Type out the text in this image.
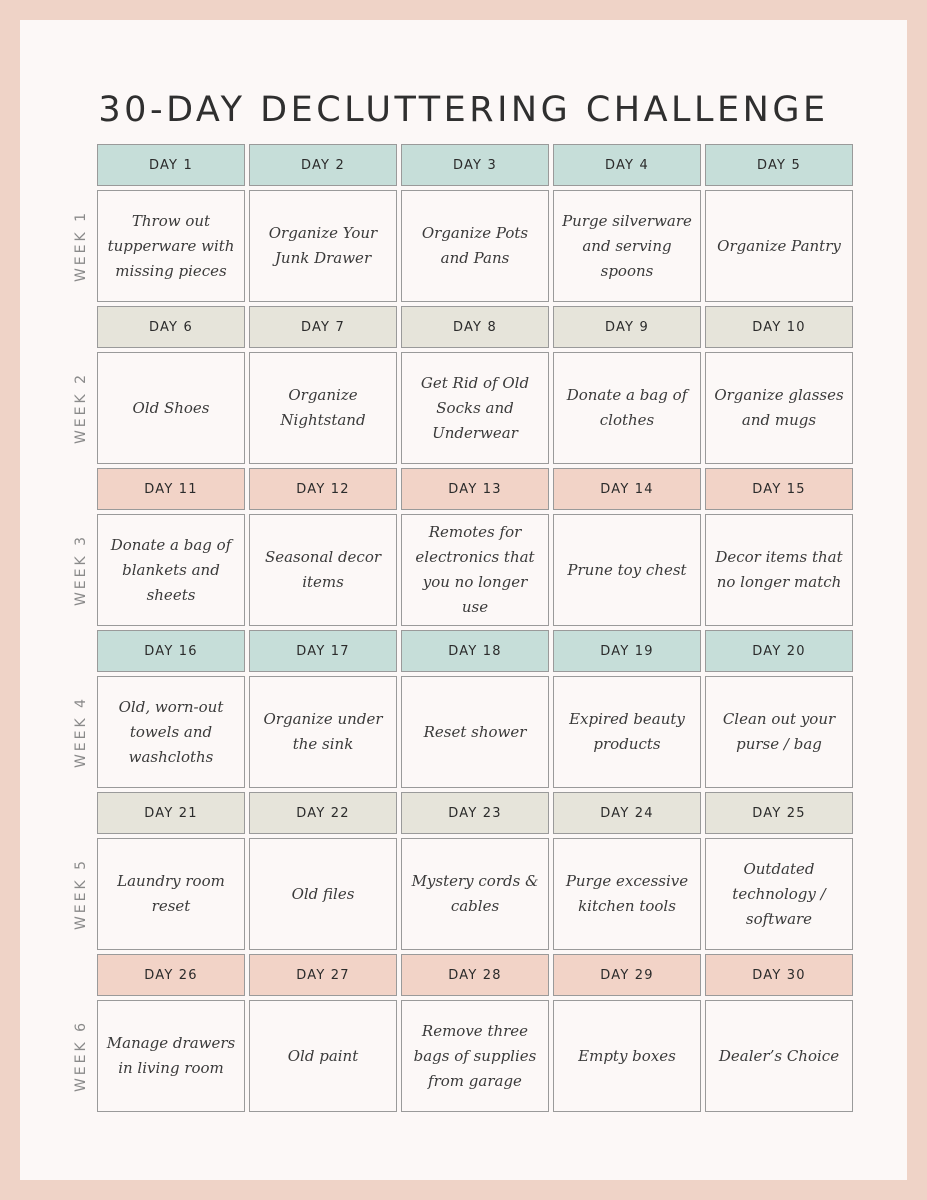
30-DAY DECLUTTERING CHALLENGE
WEEK 1
DAY 1
Throw out tupperware with missing pieces
DAY 2
Organize Your Junk Drawer
DAY 3
Organize Pots and Pans
DAY 4
Purge silverware and serving spoons
DAY 5
Organize Pantry
WEEK 2
DAY 6
Old Shoes
DAY 7
Organize Nightstand
DAY 8
Get Rid of Old Socks and Underwear
DAY 9
Donate a bag of clothes
DAY 10
Organize glasses and mugs
WEEK 3
DAY 11
Donate a bag of blankets and sheets
DAY 12
Seasonal decor items
DAY 13
Remotes for electronics that you no longer use
DAY 14
Prune toy chest
DAY 15
Decor items that no longer match
WEEK 4
DAY 16
Old, worn-out towels and washcloths
DAY 17
Organize under the sink
DAY 18
Reset shower
DAY 19
Expired beauty products
DAY 20
Clean out your purse / bag
WEEK 5
DAY 21
Laundry room reset
DAY 22
Old files
DAY 23
Mystery cords & cables
DAY 24
Purge excessive kitchen tools
DAY 25
Outdated technology / software
WEEK 6
DAY 26
Manage drawers in living room
DAY 27
Old paint
DAY 28
Remove three bags of supplies from garage
DAY 29
Empty boxes
DAY 30
Dealer’s Choice
